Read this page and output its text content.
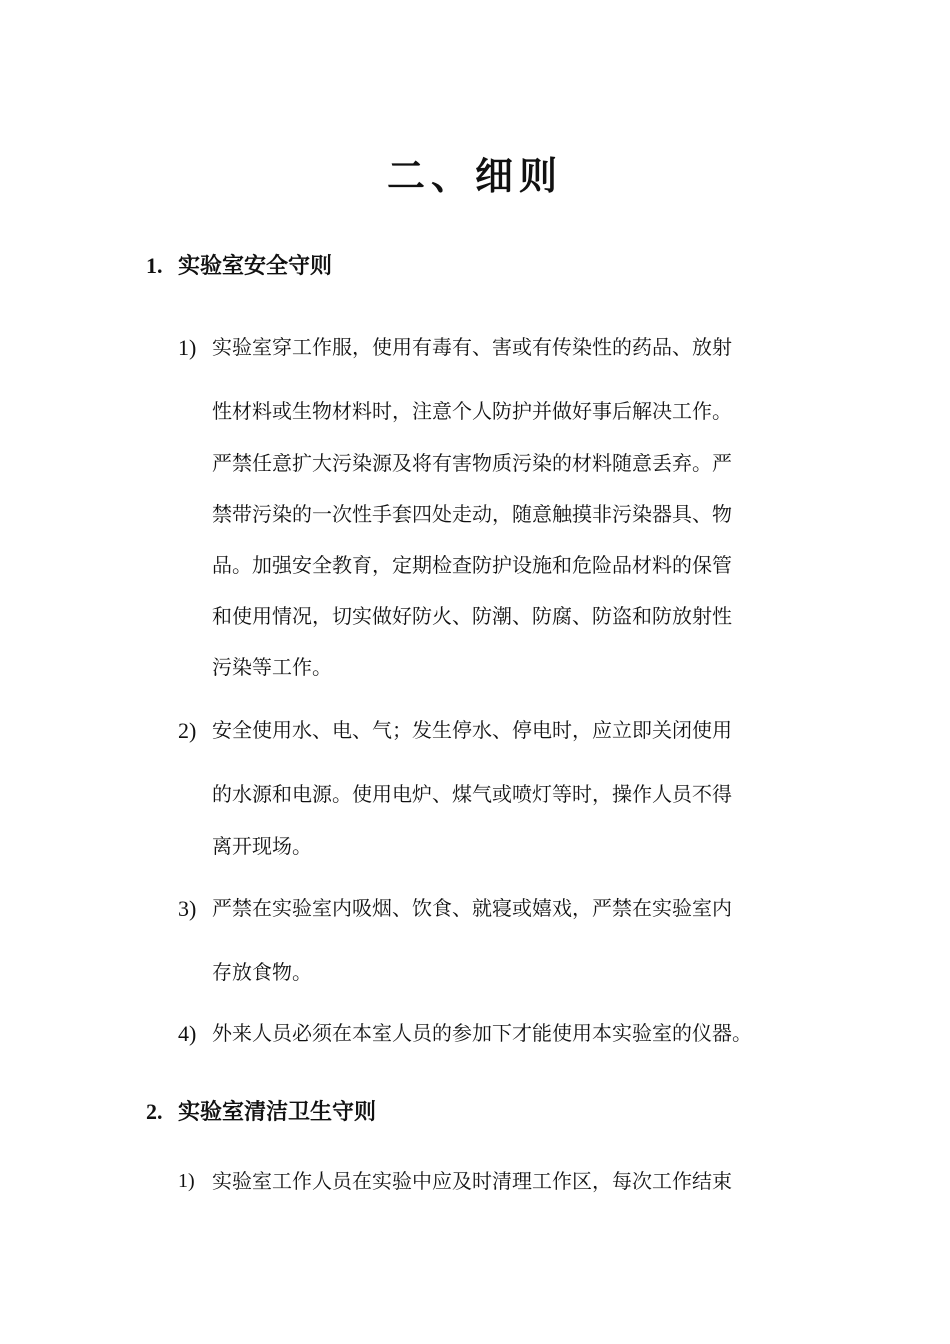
二、细则
1. 实验室安全守则
1) 实验室穿工作服，使用有毒有、害或有传染性的药品、放射
性材料或生物材料时，注意个人防护并做好事后解决工作。
严禁任意扩大污染源及将有害物质污染的材料随意丢弃。严
禁带污染的一次性手套四处走动，随意触摸非污染器具、物
品。加强安全教育，定期检查防护设施和危险品材料的保管
和使用情况，切实做好防火、防潮、防腐、防盗和防放射性
污染等工作。
2) 安全使用水、电、气；发生停水、停电时，应立即关闭使用
的水源和电源。使用电炉、煤气或喷灯等时，操作人员不得
离开现场。
3) 严禁在实验室内吸烟、饮食、就寝或嬉戏，严禁在实验室内
存放食物。
4) 外来人员必须在本室人员的参加下才能使用本实验室的仪器。
2. 实验室清洁卫生守则
1) 实验室工作人员在实验中应及时清理工作区，每次工作结束
